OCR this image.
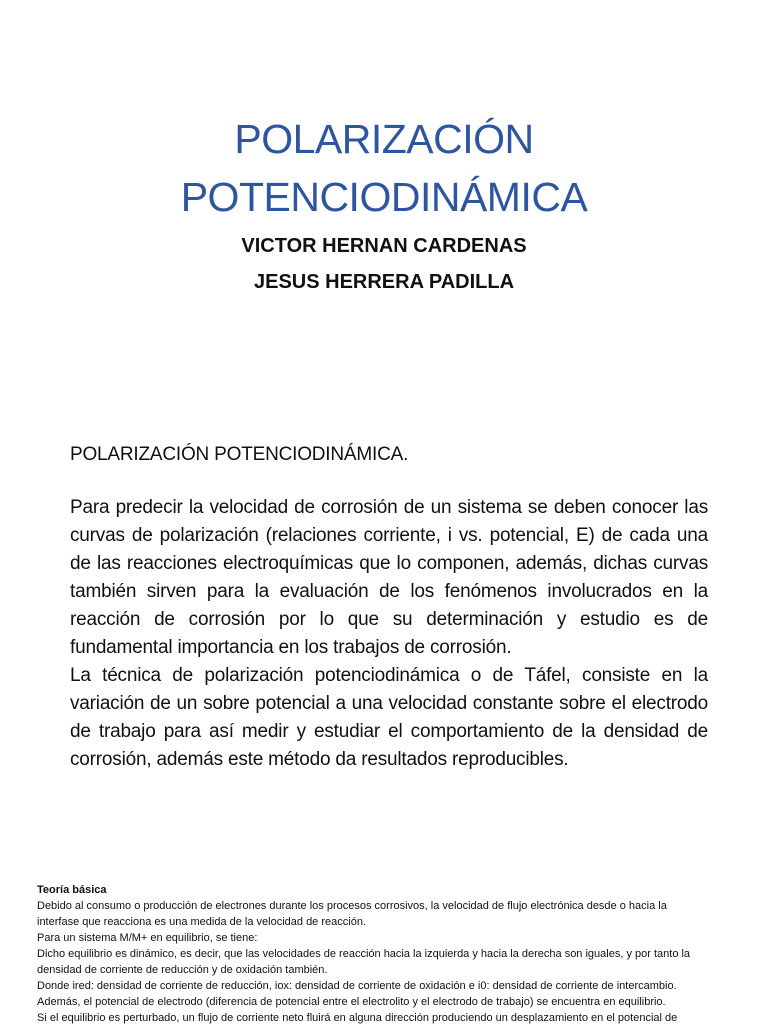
POLARIZACIÓN
POTENCIODINÁMICA
VICTOR HERNAN CARDENAS
JESUS HERRERA PADILLA
POLARIZACIÓN POTENCIODINÁMICA.

Para predecir la velocidad de corrosión de un sistema se deben conocer las curvas de polarización (relaciones corriente, i vs. potencial, E) de cada una de las reacciones electroquímicas que lo componen, además, dichas curvas también sirven para la evaluación de los fenómenos involucrados en la reacción de corrosión por lo que su determinación y estudio es de fundamental importancia en los trabajos de corrosión.

La técnica de polarización potenciodinámica o de Táfel, consiste en la variación de un sobre potencial a una velocidad constante sobre el electrodo de trabajo para así medir y estudiar el comportamiento de la densidad de corrosión, además este método da resultados reproducibles.

Teoría básica

Debido al consumo o producción de electrones durante los procesos corrosivos, la velocidad de flujo electrónica desde o hacia la

interfase que reacciona es una medida de la velocidad de reacción.

Para un sistema M/M+ en equilibrio, se tiene:

Dicho equilibrio es dinámico, es decir, que las velocidades de reacción hacia la izquierda y hacia la derecha son iguales, y por tanto la

densidad de corriente de reducción y de oxidación también.

Donde ired: densidad de corriente de reducción, iox: densidad de corriente de oxidación e i0: densidad de corriente de intercambio.

Además, el potencial de electrodo (diferencia de potencial entre el electrolito y el electrodo de trabajo) se encuentra en equilibrio.

Si el equilibrio es perturbado, un flujo de corriente neto fluirá en alguna dirección produciendo un desplazamiento en el potencial de
